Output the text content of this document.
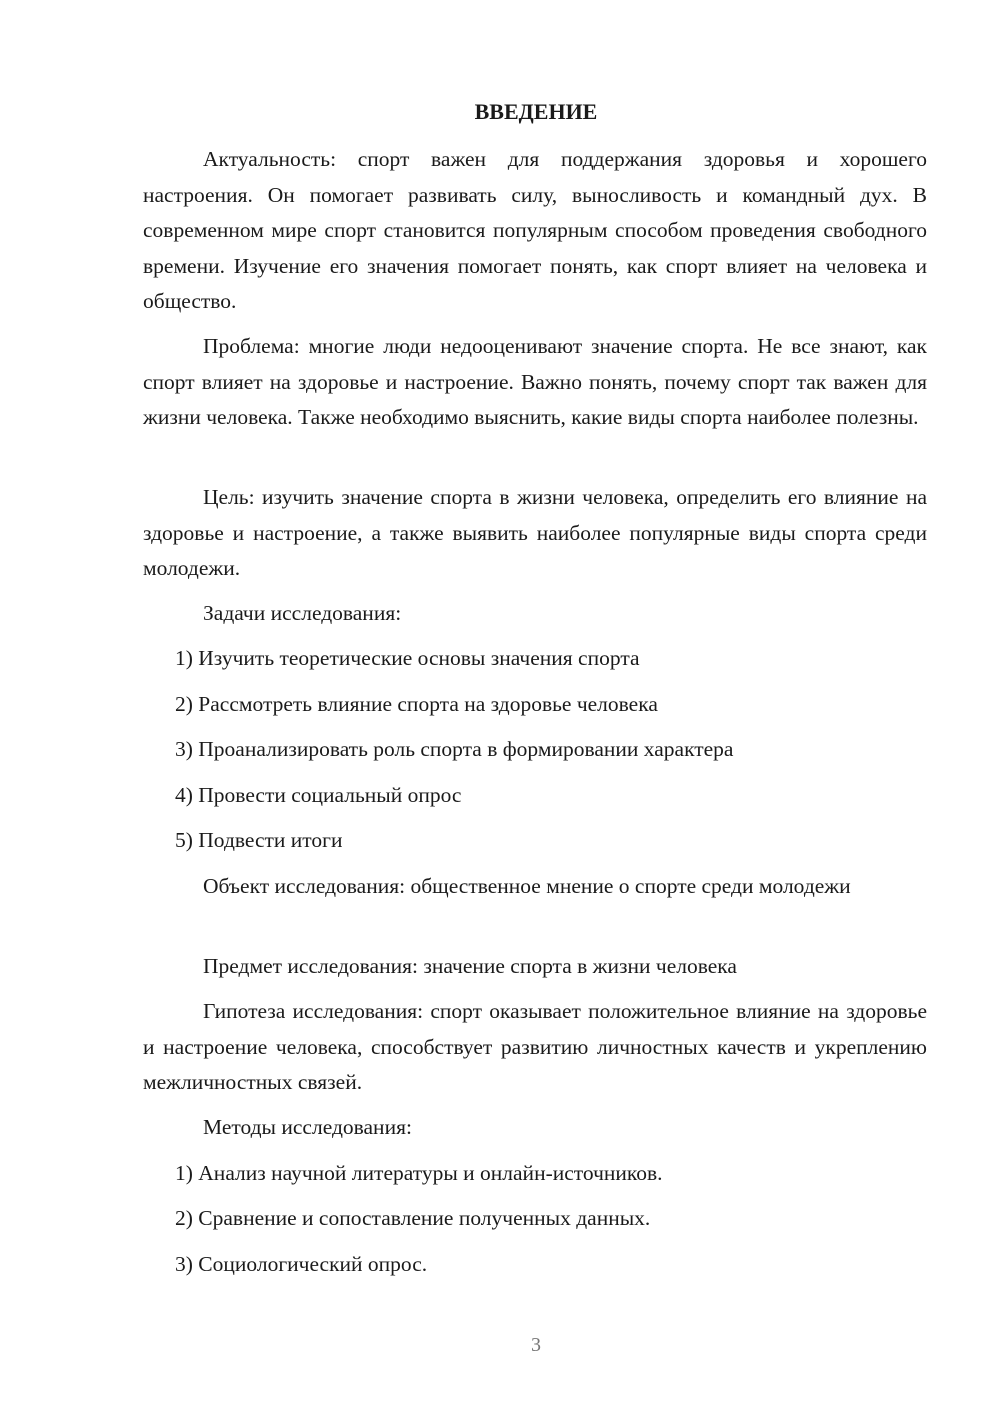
ВВЕДЕНИЕ

Актуальность: спорт важен для поддержания здоровья и хорошего настроения. Он помогает развивать силу, выносливость и командный дух. В современном мире спорт становится популярным способом проведения свободного времени. Изучение его значения помогает понять, как спорт влияет на человека и общество.

Проблема: многие люди недооценивают значение спорта. Не все знают, как спорт влияет на здоровье и настроение. Важно понять, почему спорт так важен для жизни человека. Также необходимо выяснить, какие виды спорта наиболее полезны.

Цель: изучить значение спорта в жизни человека, определить его влияние на здоровье и настроение, а также выявить наиболее популярные виды спорта среди молодежи.

Задачи исследования:

1) Изучить теоретические основы значения спорта

2) Рассмотреть влияние спорта на здоровье человека

3) Проанализировать роль спорта в формировании характера

4) Провести социальный опрос

5) Подвести итоги

Объект исследования: общественное мнение о спорте среди молодежи

Предмет исследования: значение спорта в жизни человека

Гипотеза исследования: спорт оказывает положительное влияние на здоровье и настроение человека, способствует развитию личностных качеств и укреплению межличностных связей.

Методы исследования:

1) Анализ научной литературы и онлайн-источников.

2) Сравнение и сопоставление полученных данных.

3) Социологический опрос.

3
